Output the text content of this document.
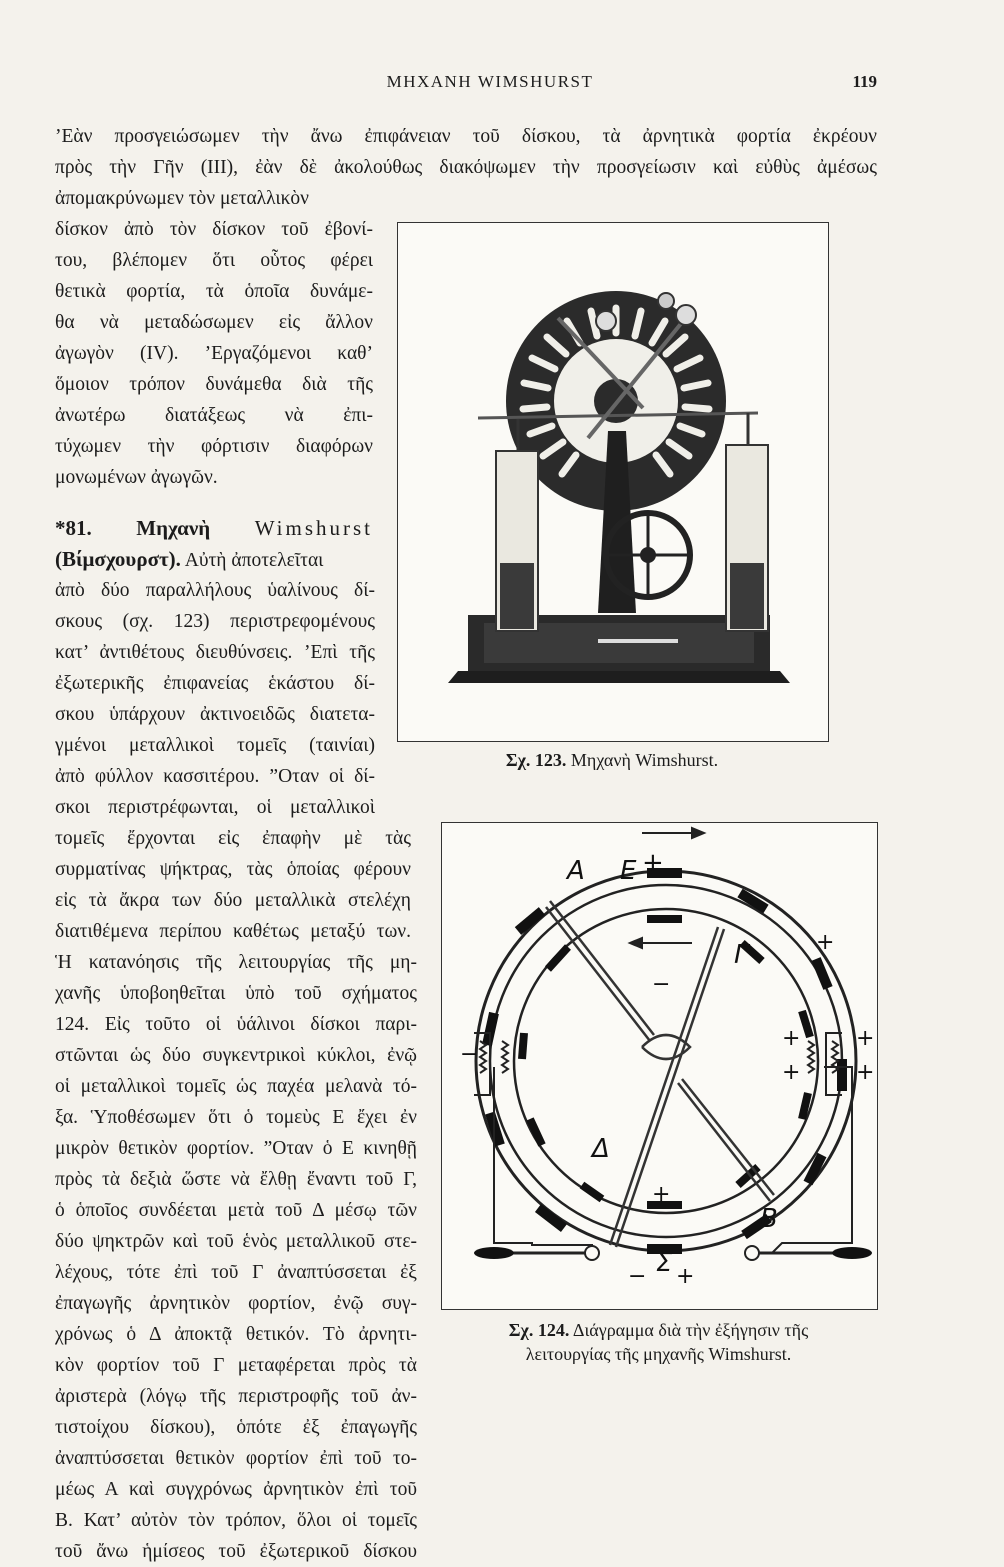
ΜΗΧΑΝΗ WIMSHURST	119
’Εὰν προσγειώσωμεν τὴν ἄνω ἐπιφάνειαν τοῦ δίσκου, τὰ ἀρνητικὰ φορτία ἐκρέουν
πρὸς τὴν Γῆν (ΙΙΙ), ἐὰν δὲ ἀκολούθως διακόψωμεν τὴν προσγείωσιν καὶ εὐθὺς ἀμέσως
ἀπομακρύνωμεν τὸν μεταλλικὸν
δίσκον ἀπὸ τὸν δίσκον τοῦ ἐβονί-
του, βλέπομεν ὅτι οὗτος φέρει
θετικὰ φορτία, τὰ ὁποῖα δυνάμε-
θα νὰ μεταδώσωμεν εἰς ἄλλον
ἀγωγὸν (IV). ’Εργαζόμενοι καθ’
ὅμοιον τρόπον δυνάμεθα διὰ τῆς
ἀνωτέρω διατάξεως νὰ ἐπι-
τύχωμεν τὴν φόρτισιν διαφόρων
μονωμένων ἀγωγῶν.
*81. Μηχανὴ Wimshurst
(Βίμσχουρστ). Αὐτὴ ἀποτελεῖται
ἀπὸ δύο παραλλήλους ὑαλίνους δί-
σκους (σχ. 123) περιστρεφομένους
κατ’ ἀντιθέτους διευθύνσεις. ’Επὶ τῆς
ἐξωτερικῆς ἐπιφανείας ἑκάστου δί-
σκου ὑπάρχουν ἀκτινοειδῶς διατετα-
γμένοι μεταλλικοὶ τομεῖς (ταινίαι)
ἀπὸ φύλλον κασσιτέρου. ”Οταν οἱ δί-
σκοι περιστρέφωνται, οἱ μεταλλικοὶ
τομεῖς ἔρχονται εἰς ἐπαφὴν μὲ τὰς
συρματίνας ψήκτρας, τὰς ὁποίας φέρουν
εἰς τὰ ἄκρα των δύο μεταλλικὰ στελέχη
διατιθέμενα περίπου καθέτως μεταξύ των.
Ἡ κατανόησις τῆς λειτουργίας τῆς μη-
χανῆς ὑποβοηθεῖται ὑπὸ τοῦ σχήματος
124. Εἰς τοῦτο οἱ ὑάλινοι δίσκοι παρι-
στῶνται ὡς δύο συγκεντρικοὶ κύκλοι, ἐνῷ
οἱ μεταλλικοὶ τομεῖς ὡς παχέα μελανὰ τό-
ξα. Ὑποθέσωμεν ὅτι ὁ τομεὺς Ε ἔχει ἐν
μικρὸν θετικὸν φορτίον. ”Οταν ὁ Ε κινηθῇ
πρὸς τὰ δεξιὰ ὥστε νὰ ἔλθῃ ἔναντι τοῦ Γ,
ὁ ὁποῖος συνδέεται μετὰ τοῦ Δ μέσῳ τῶν
δύο ψηκτρῶν καὶ τοῦ ἑνὸς μεταλλικοῦ στε-
λέχους, τότε ἐπὶ τοῦ Γ ἀναπτύσσεται ἐξ
ἐπαγωγῆς ἀρνητικὸν φορτίον, ἐνῷ συγ-
χρόνως ὁ Δ ἀποκτᾷ θετικόν. Τὸ ἀρνητι-
κὸν φορτίον τοῦ Γ μεταφέρεται πρὸς τὰ
ἀριστερὰ (λόγῳ τῆς περιστροφῆς τοῦ ἀν-
τιστοίχου δίσκου), ὁπότε ἐξ ἐπαγωγῆς
ἀναπτύσσεται θετικὸν φορτίον ἐπὶ τοῦ το-
μέως Α καὶ συγχρόνως ἀρνητικὸν ἐπὶ τοῦ
Β. Κατ’ αὐτὸν τὸν τρόπον, ὅλοι οἱ τομεῖς
τοῦ ἄνω ἡμίσεος τοῦ ἐξωτερικοῦ δίσκου
Σχ. 123. Μηχανὴ Wimshurst.
A E +
Γ
Δ
B
Σ
−
+
+
+
+
+
−
+
+
−
Σχ. 124. Διάγραμμα διὰ τὴν ἐξήγησιν τῆς
λειτουργίας τῆς μηχανῆς Wimshurst.
